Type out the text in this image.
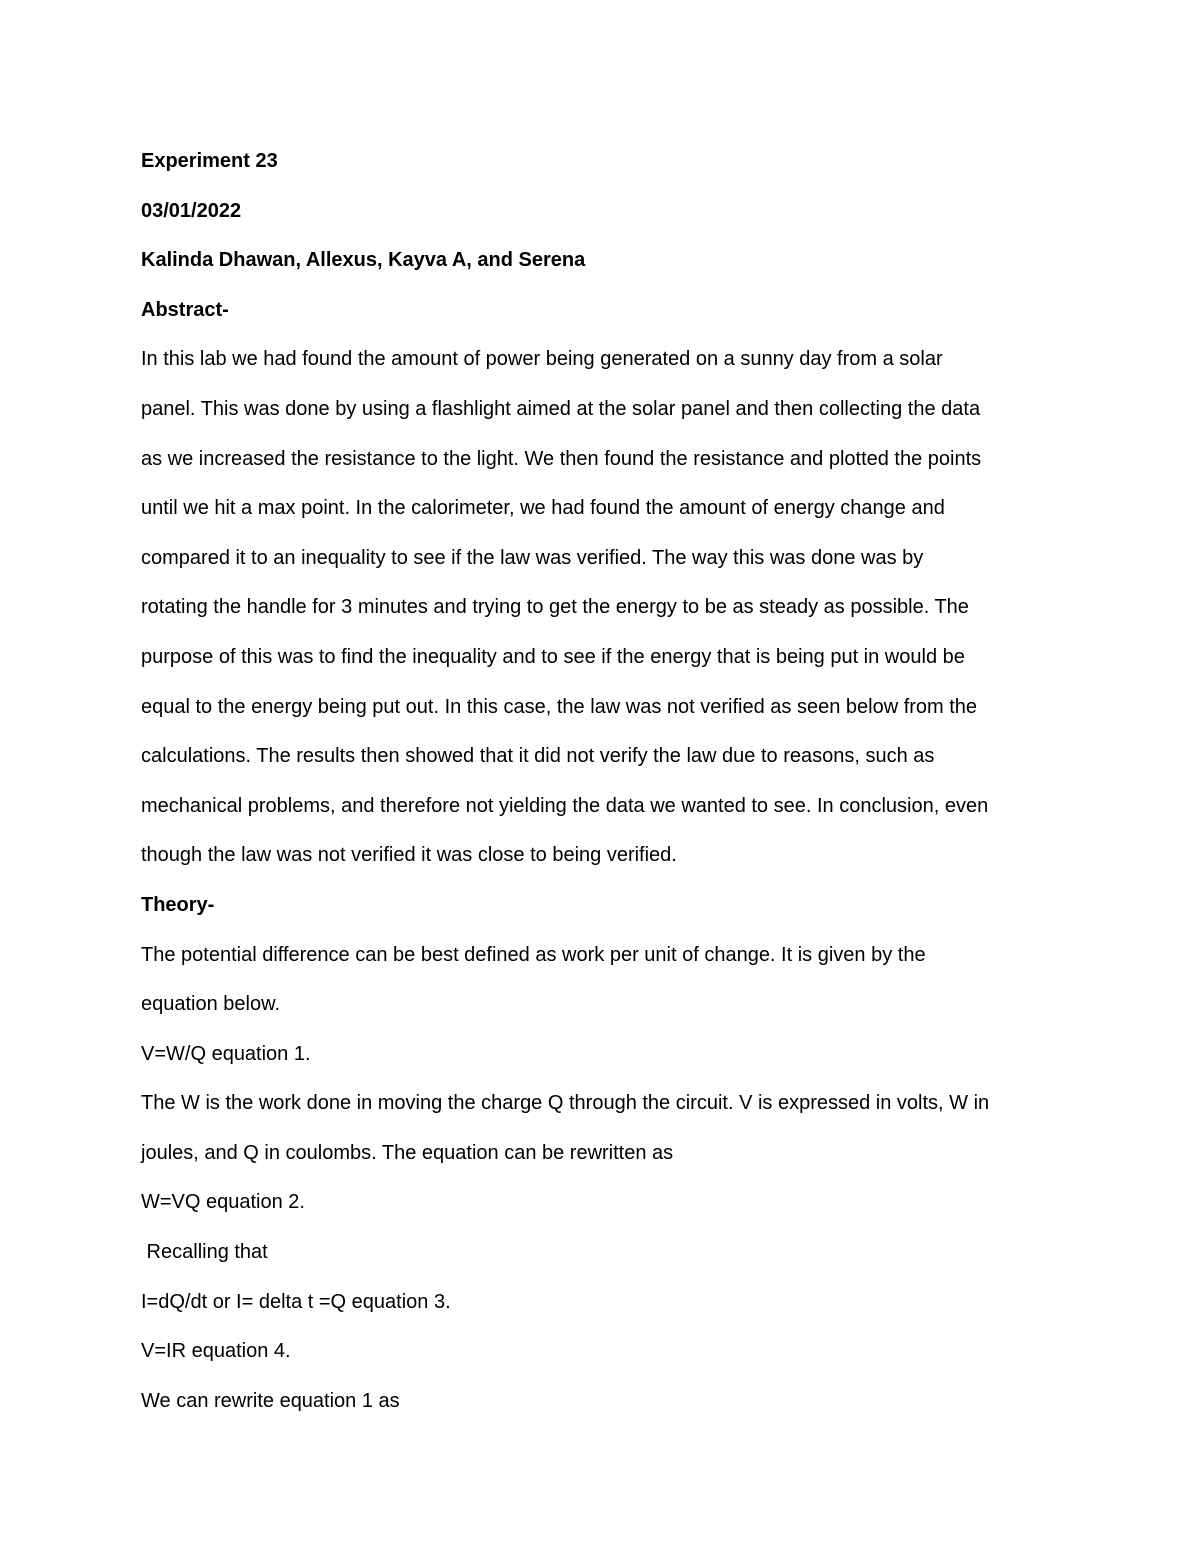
Experiment 23
03/01/2022
Kalinda Dhawan, Allexus, Kayva A, and Serena
Abstract-
In this lab we had found the amount of power being generated on a sunny day from a solar
panel. This was done by using a flashlight aimed at the solar panel and then collecting the data
as we increased the resistance to the light. We then found the resistance and plotted the points
until we hit a max point. In the calorimeter, we had found the amount of energy change and
compared it to an inequality to see if the law was verified. The way this was done was by
rotating the handle for 3 minutes and trying to get the energy to be as steady as possible. The
purpose of this was to find the inequality and to see if the energy that is being put in would be
equal to the energy being put out. In this case, the law was not verified as seen below from the
calculations. The results then showed that it did not verify the law due to reasons, such as
mechanical problems, and therefore not yielding the data we wanted to see. In conclusion, even
though the law was not verified it was close to being verified.
Theory-
The potential difference can be best defined as work per unit of change. It is given by the
equation below.
V=W/Q equation 1.
The W is the work done in moving the charge Q through the circuit. V is expressed in volts, W in
joules, and Q in coulombs. The equation can be rewritten as
W=VQ equation 2.
Recalling that
I=dQ/dt or I= delta t =Q equation 3.
V=IR equation 4.
We can rewrite equation 1 as
